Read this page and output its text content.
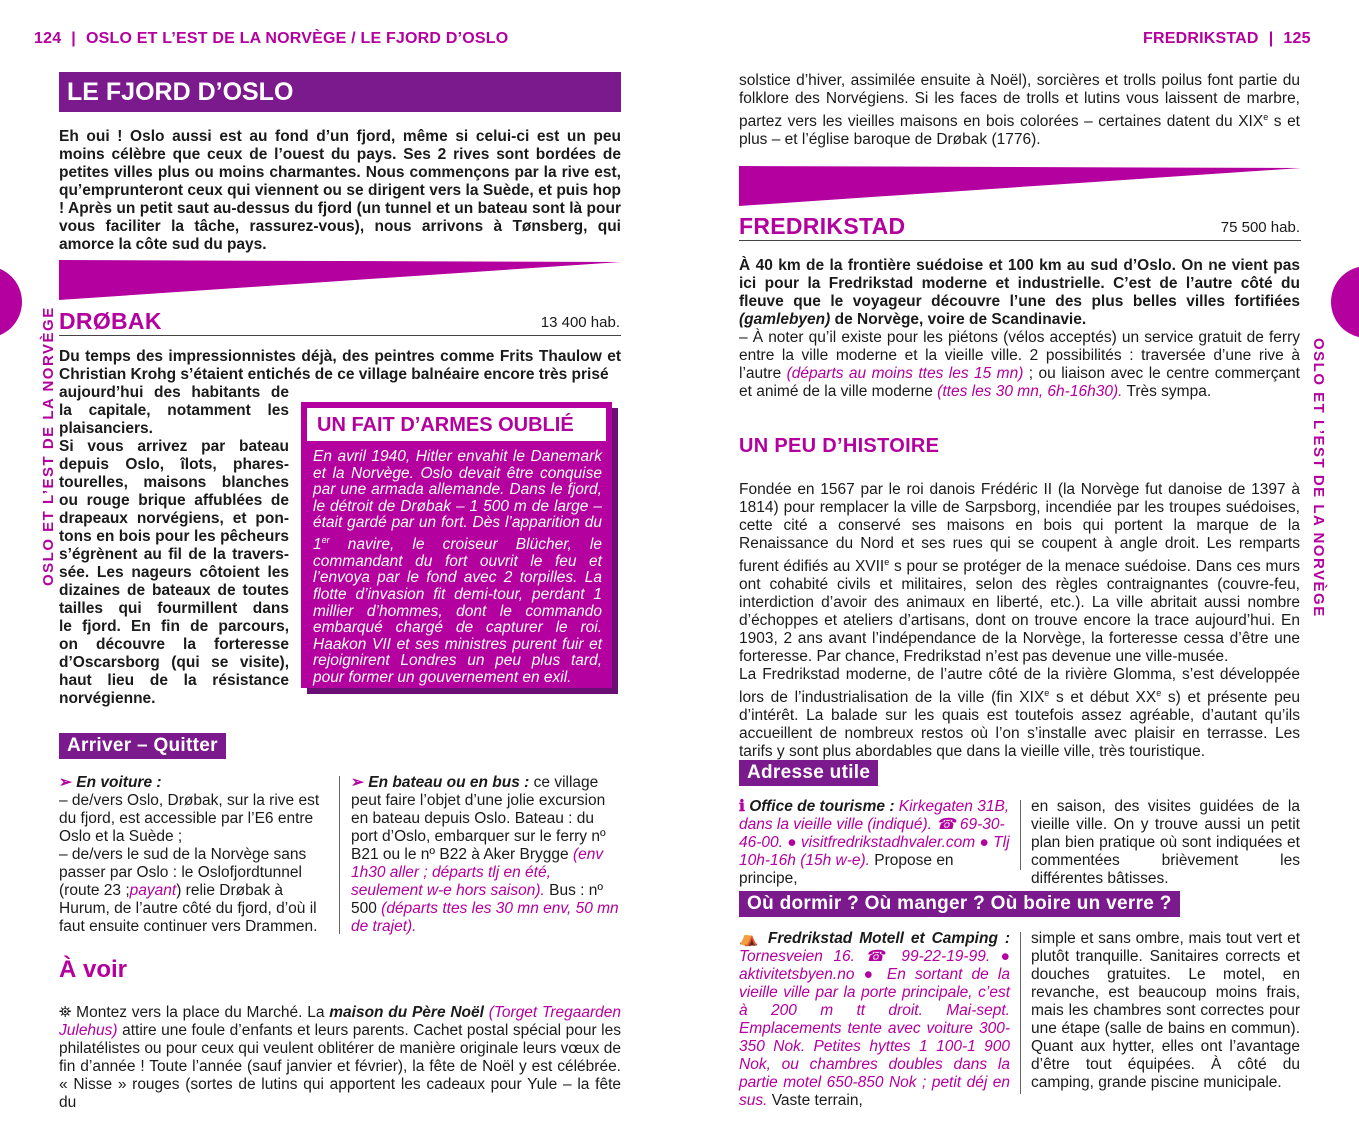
124 | OSLO ET L’EST DE LA NORVÈGE / LE FJORD D’OSLO
LE FJORD D’OSLO
Eh oui ! Oslo aussi est au fond d’un fjord, même si celui-ci est un peu moins célèbre que ceux de l’ouest du pays. Ses 2 rives sont bordées de petites villes plus ou moins charmantes. Nous commençons par la rive est, qu’emprunteront ceux qui viennent ou se dirigent vers la Suède, et puis hop ! Après un petit saut au-dessus du fjord (un tunnel et un bateau sont là pour vous faciliter la tâche, rassurez-vous), nous arrivons à Tønsberg, qui amorce la côte sud du pays.
OSLO ET L’EST DE LA NORVÈGE DRØBAK	13 400 hab.
Du temps des impressionnistes déjà, des peintres comme Frits Thaulow et Christian Krohg s’étaient entichés de ce village balnéaire encore très prisé
aujourd’hui des habitants de
la capitale, notamment les
plaisanciers.
Si vous arrivez par bateau
depuis Oslo, îlots, phares-
tourelles, maisons blanches
ou rouge brique affublées de
drapeaux norvégiens, et pon-
tons en bois pour les pêcheurs
s’égrènent au fil de la travers-
sée. Les nageurs côtoient les
dizaines de bateaux de toutes
tailles qui fourmillent dans
le fjord. En fin de parcours,
on découvre la forteresse
d’Oscarsborg (qui se visite),
haut lieu de la résistance
norvégienne.
UN FAIT D’ARMES OUBLIÉ
En avril 1940, Hitler envahit le Danemark et la Norvège. Oslo devait être conquise par une armada allemande. Dans le fjord, le détroit de Drøbak – 1 500 m de large – était gardé par un fort. Dès l’apparition du 1er navire, le croiseur Blücher, le commandant du fort ouvrit le feu et l’envoya par le fond avec 2 torpilles. La flotte d’invasion fit demi-tour, perdant 1 millier d’hommes, dont le commando embarqué chargé de capturer le roi. Haakon VII et ses ministres purent fuir et rejoignirent Londres un peu plus tard, pour former un gouvernement en exil.
Arriver – Quitter
➢ En voiture :
– de/vers Oslo, Drøbak, sur la rive est du fjord, est accessible par l’E6 entre Oslo et la Suède ;
– de/vers le sud de la Norvège sans passer par Oslo : le Oslofjordtunnel (route 23 ;payant) relie Drøbak à Hurum, de l’autre côté du fjord, d’où il faut ensuite continuer vers Drammen.
➢ En bateau ou en bus : ce village peut faire l’objet d’une jolie excursion en bateau depuis Oslo. Bateau : du port d’Oslo, embarquer sur le ferry nº B21 ou le nº B22 à Aker Brygge (env 1h30 aller ; départs tlj en été, seulement w-e hors saison). Bus : nº 500 (départs ttes les 30 mn env, 50 mn de trajet).
À voir
⛯ Montez vers la place du Marché. La maison du Père Noël (Torget Tregaarden Julehus) attire une foule d’enfants et leurs parents. Cachet postal spécial pour les philatélistes ou pour ceux qui veulent oblitérer de manière originale leurs vœux de fin d’année ! Toute l’année (sauf janvier et février), la fête de Noël y est célébrée. « Nisse » rouges (sortes de lutins qui apportent les cadeaux pour Yule – la fête du
FREDRIKSTAD | 125
solstice d’hiver, assimilée ensuite à Noël), sorcières et trolls poilus font partie du folklore des Norvégiens. Si les faces de trolls et lutins vous laissent de marbre, partez vers les vieilles maisons en bois colorées – certaines datent du XIXe s et plus – et l’église baroque de Drøbak (1776).
FREDRIKSTAD	75 500 hab.
À 40 km de la frontière suédoise et 100 km au sud d’Oslo. On ne vient pas ici pour la Fredrikstad moderne et industrielle. C’est de l’autre côté du fleuve que le voyageur découvre l’une des plus belles villes fortifiées (gamlebyen) de Norvège, voire de Scandinavie.
– À noter qu’il existe pour les piétons (vélos acceptés) un service gratuit de ferry entre la ville moderne et la vieille ville. 2 possibilités : traversée d’une rive à l’autre (départs au moins ttes les 15 mn) ; ou liaison avec le centre commerçant et animé de la ville moderne (ttes les 30 mn, 6h-16h30). Très sympa.	OSLO ET L’EST DE LA NORVÈGE
UN PEU D’HISTOIRE
Fondée en 1567 par le roi danois Frédéric II (la Norvège fut danoise de 1397 à 1814) pour remplacer la ville de Sarpsborg, incendiée par les troupes suédoises, cette cité a conservé ses maisons en bois qui portent la marque de la Renaissance du Nord et ses rues qui se coupent à angle droit. Les remparts furent édifiés au XVIIe s pour se protéger de la menace suédoise. Dans ces murs ont cohabité civils et militaires, selon des règles contraignantes (couvre-feu, interdiction d’avoir des animaux en liberté, etc.). La ville abritait aussi nombre d’échoppes et ateliers d’artisans, dont on trouve encore la trace aujourd’hui. En 1903, 2 ans avant l’indépendance de la Norvège, la forteresse cessa d’être une forteresse. Par chance, Fredrikstad n’est pas devenue une ville-musée.
La Fredrikstad moderne, de l’autre côté de la rivière Glomma, s’est développée lors de l’industrialisation de la ville (fin XIXe s et début XXe s) et présente peu d’intérêt. La balade sur les quais est toutefois assez agréable, d’autant qu’ils accueillent de nombreux restos où l’on s’installe avec plaisir en terrasse. Les tarifs y sont plus abordables que dans la vieille ville, très touristique.
Adresse utile
ℹ Office de tourisme : Kirkegaten 31B, dans la vieille ville (indiqué). ☎ 69-30-46-00. ● visitfredrikstadhvaler.com ● Tlj 10h-16h (15h w-e). Propose en principe,
en saison, des visites guidées de la vieille ville. On y trouve aussi un petit plan bien pratique où sont indiquées et commentées brièvement les différentes bâtisses.
Où dormir ? Où manger ? Où boire un verre ?
⛺ Fredrikstad Motell et Camping : Tornesveien 16. ☎ 99-22-19-99. ● aktivitetsbyen.no ● En sortant de la vieille ville par la porte principale, c’est à 200 m tt droit. Mai-sept. Emplacements tente avec voiture 300-350 Nok. Petites hyttes 1 100-1 900 Nok, ou chambres doubles dans la partie motel 650-850 Nok ; petit déj en sus. Vaste terrain,
simple et sans ombre, mais tout vert et plutôt tranquille. Sanitaires corrects et douches gratuites. Le motel, en revanche, est beaucoup moins frais, mais les chambres sont correctes pour une étape (salle de bains en commun). Quant aux hytter, elles ont l’avantage d’être tout équipées. À côté du camping, grande piscine municipale.
